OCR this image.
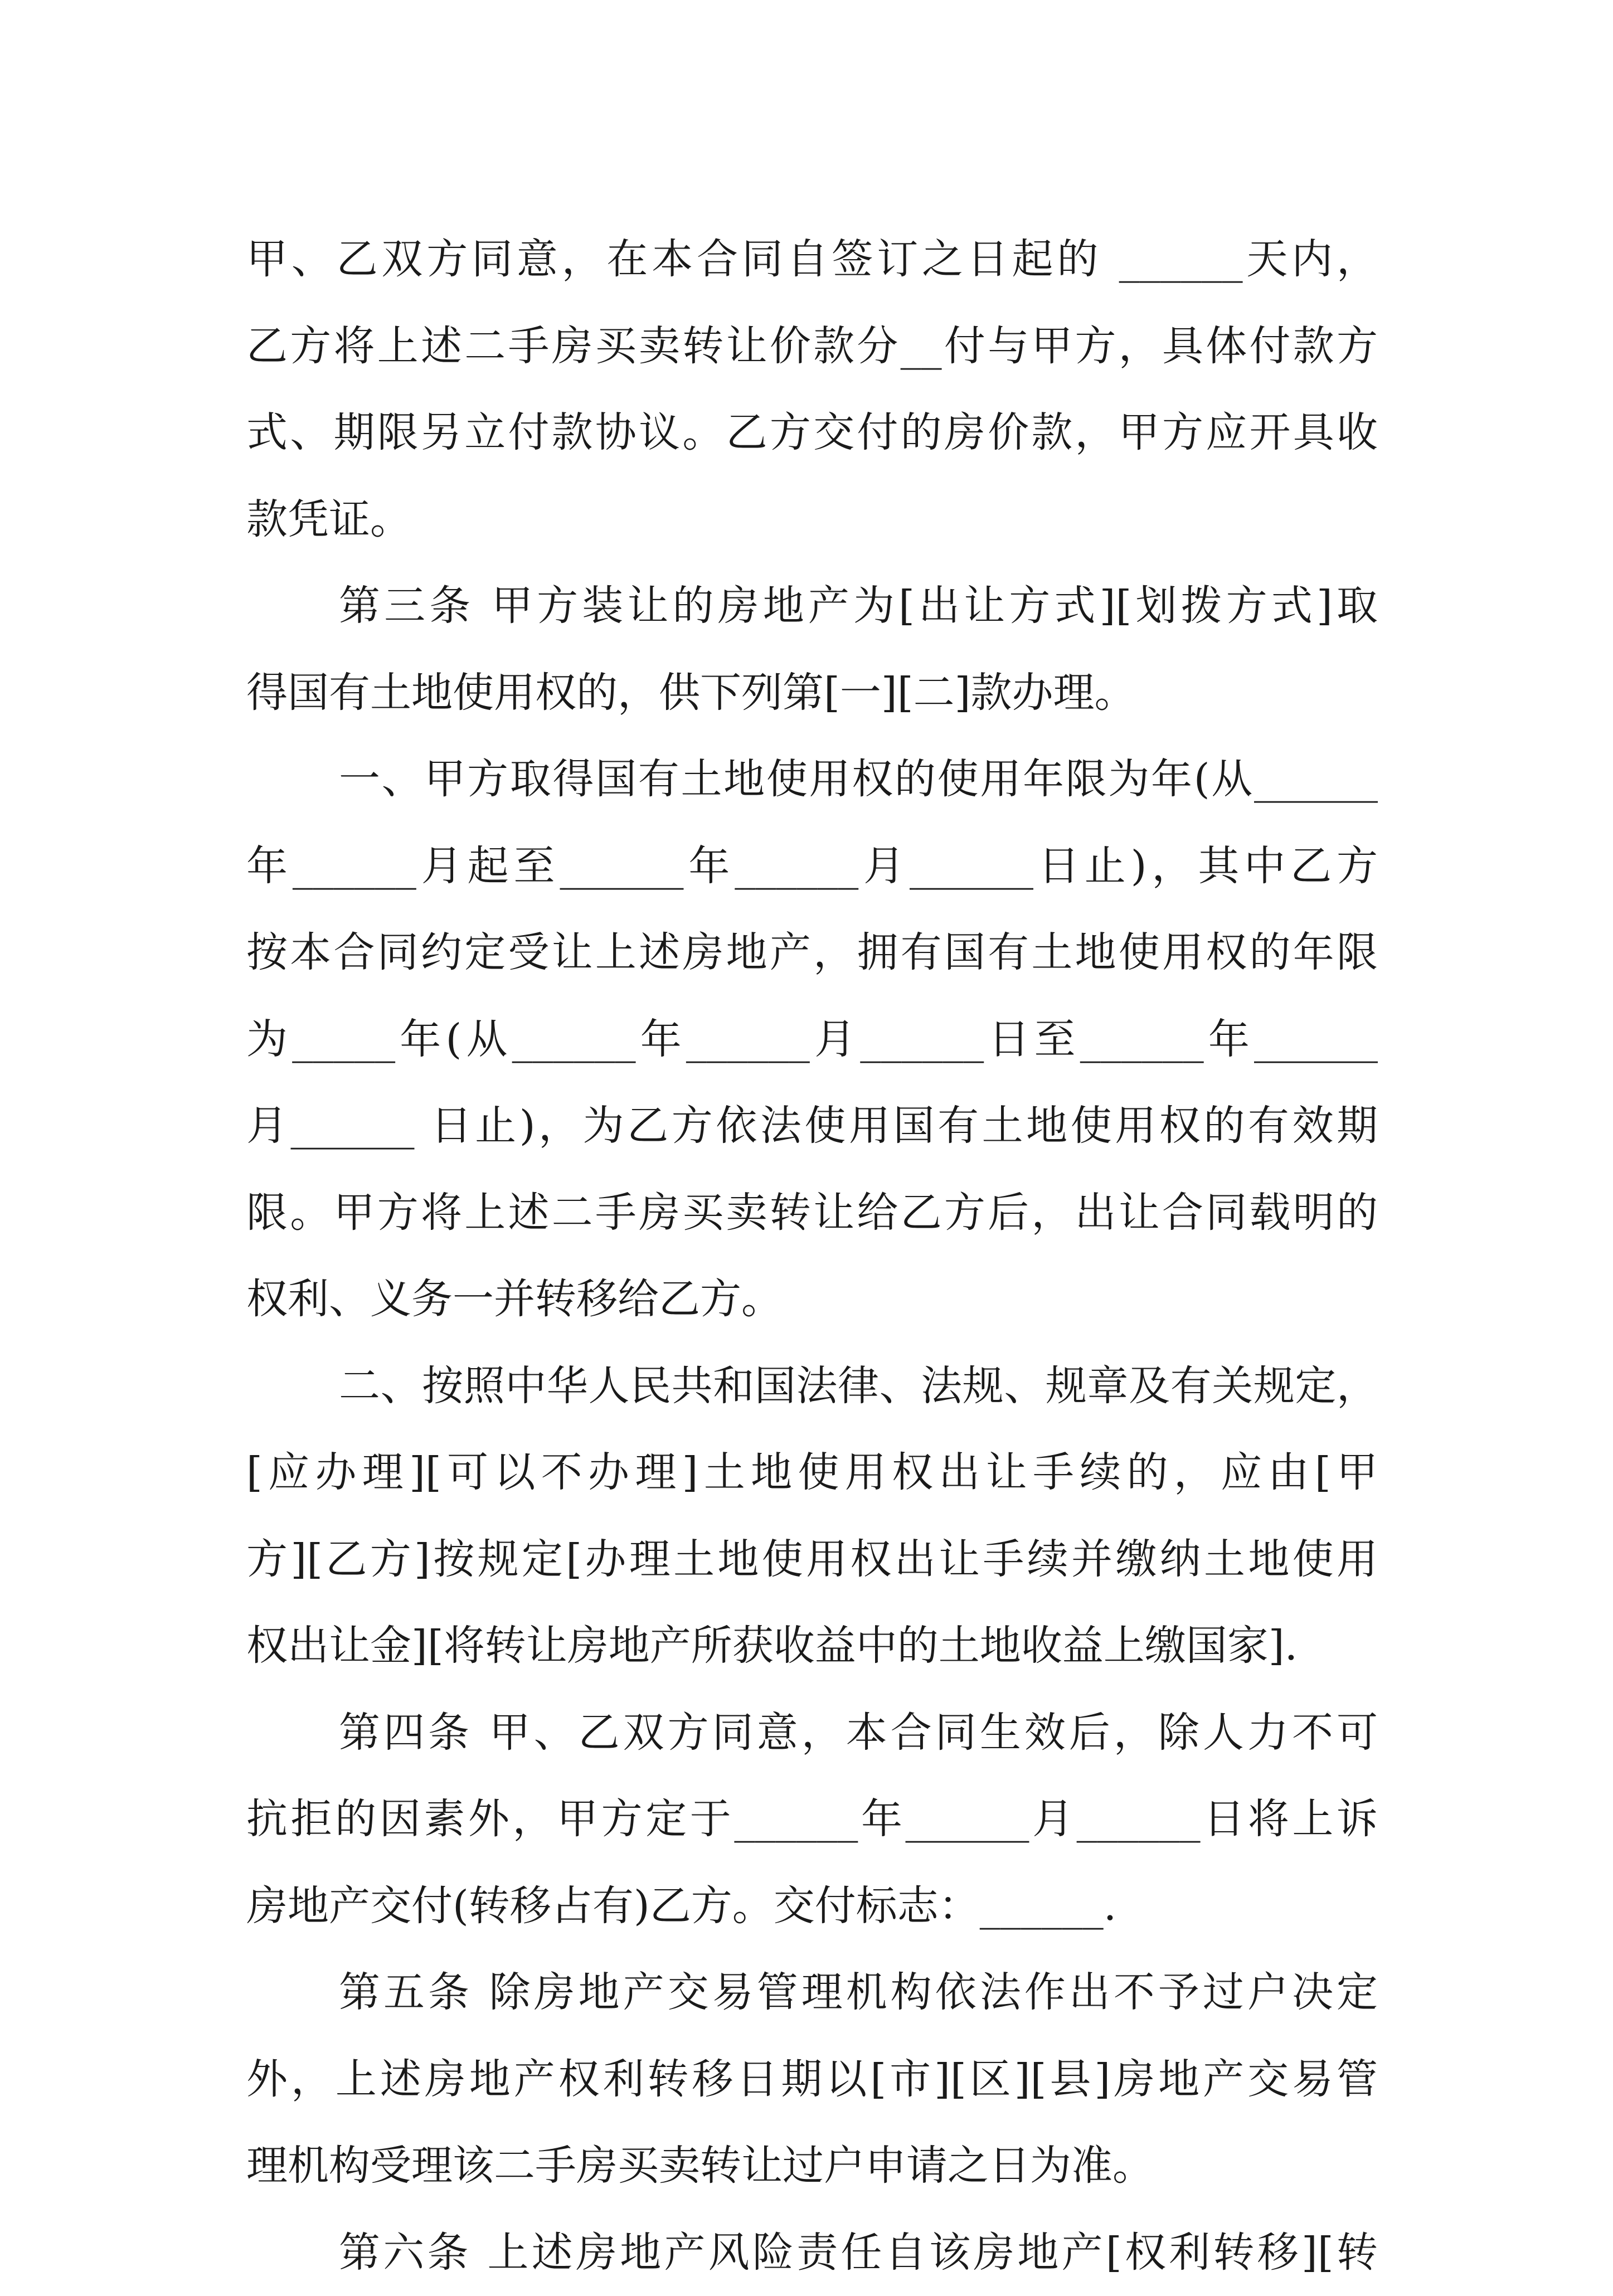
甲、乙双方同意，在本合同自签订之日起的 ______天内，
乙方将上述二手房买卖转让价款分__付与甲方，具体付款方
式、期限另立付款协议。乙方交付的房价款，甲方应开具收
款凭证。
第三条 甲方装让的房地产为[出让方式][划拨方式]取
得国有土地使用权的，供下列第[一][二]款办理。
一、甲方取得国有土地使用权的使用年限为年(从______
年______月起至______年______月______日止)，其中乙方
按本合同约定受让上述房地产，拥有国有土地使用权的年限
为_____年(从______年______月______日至______年______
月______ 日止)，为乙方依法使用国有土地使用权的有效期
限。甲方将上述二手房买卖转让给乙方后，出让合同载明的
权利、义务一并转移给乙方。
二、按照中华人民共和国法律、法规、规章及有关规定，
[应办理][可以不办理]土地使用权出让手续的，应由[甲
方][乙方]按规定[办理土地使用权出让手续并缴纳土地使用
权出让金][将转让房地产所获收益中的土地收益上缴国家].
第四条 甲、乙双方同意，本合同生效后，除人力不可
抗拒的因素外，甲方定于______年______月______日将上诉
房地产交付(转移占有)乙方。交付标志：______.
第五条 除房地产交易管理机构依法作出不予过户决定
外，上述房地产权利转移日期以[市][区][县]房地产交易管
理机构受理该二手房买卖转让过户申请之日为准。
第六条 上述房地产风险责任自该房地产[权利转移][转
